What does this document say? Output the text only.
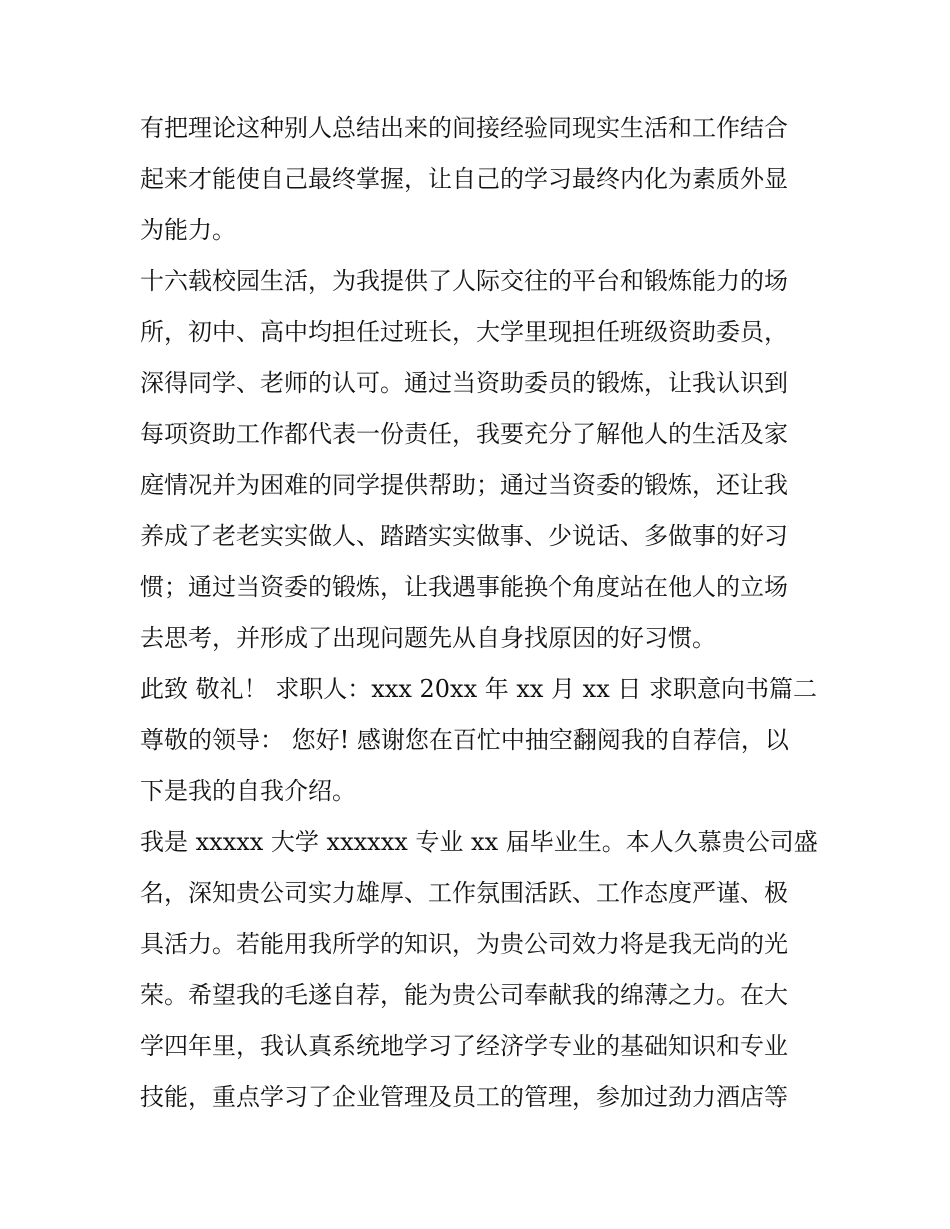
有把理论这种别人总结出来的间接经验同现实生活和工作结合
起来才能使自己最终掌握，让自己的学习最终内化为素质外显
为能力。
十六载校园生活，为我提供了人际交往的平台和锻炼能力的场
所，初中、高中均担任过班长，大学里现担任班级资助委员，
深得同学、老师的认可。通过当资助委员的锻炼，让我认识到
每项资助工作都代表一份责任，我要充分了解他人的生活及家
庭情况并为困难的同学提供帮助；通过当资委的锻炼，还让我
养成了老老实实做人、踏踏实实做事、少说话、多做事的好习
惯；通过当资委的锻炼，让我遇事能换个角度站在他人的立场
去思考，并形成了出现问题先从自身找原因的好习惯。
此致 敬礼！ 求职人：xxx 20xx 年 xx 月 xx 日 求职意向书篇二
尊敬的领导： 您好! 感谢您在百忙中抽空翻阅我的自荐信，以
下是我的自我介绍。
我是 xxxxx 大学 xxxxxx 专业 xx 届毕业生。本人久慕贵公司盛
名，深知贵公司实力雄厚、工作氛围活跃、工作态度严谨、极
具活力。若能用我所学的知识，为贵公司效力将是我无尚的光
荣。希望我的毛遂自荐，能为贵公司奉献我的绵薄之力。在大
学四年里，我认真系统地学习了经济学专业的基础知识和专业
技能，重点学习了企业管理及员工的管理，参加过劲力酒店等
